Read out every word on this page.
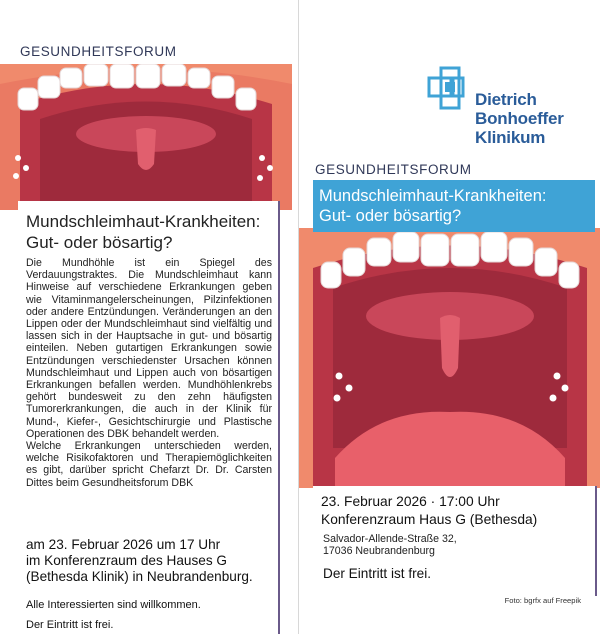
GESUNDHEITSFORUM
Mundschleimhaut-Krankheiten:
Gut- oder bösartig?
Die Mundhöhle ist ein Spiegel des Verdauungstraktes. Die Mundschleimhaut kann Hinweise auf verschiedene Erkrankungen geben wie Vitaminmangelerscheinungen, Pilzinfektionen oder andere Entzündungen. Veränderungen an den Lippen oder der Mundschleimhaut sind vielfältig und lassen sich in der Hauptsache in gut- und bösartig einteilen. Neben gutartigen Erkrankungen sowie Entzündungen verschiedenster Ursachen können Mundschleimhaut und Lippen auch von bösartigen Erkrankungen befallen werden. Mundhöhlenkrebs gehört bundesweit zu den zehn häufigsten Tumorerkrankungen, die auch in der Klinik für Mund-, Kiefer-, Gesichtschirurgie und Plastische Operationen des DBK behandelt werden.
Welche Erkrankungen unterschieden werden, welche Risikofaktoren und Therapiemöglichkeiten es gibt, darüber spricht Chefarzt Dr. Dr. Carsten Dittes beim Gesundheitsforum DBK
am 23. Februar 2026 um 17 Uhr
im Konferenzraum des Hauses G
(Bethesda Klinik) in Neubrandenburg.
Alle Interessierten sind willkommen.
Der Eintritt ist frei.
Dietrich
Bonhoeffer
Klinikum
GESUNDHEITSFORUM
Mundschleimhaut-Krankheiten:
Gut- oder bösartig?
23. Februar 2026 · 17:00 Uhr
Konferenzraum Haus G (Bethesda)
Salvador-Allende-Straße 32,
17036 Neubrandenburg
Der Eintritt ist frei.
Foto: bgrfx auf Freepik
